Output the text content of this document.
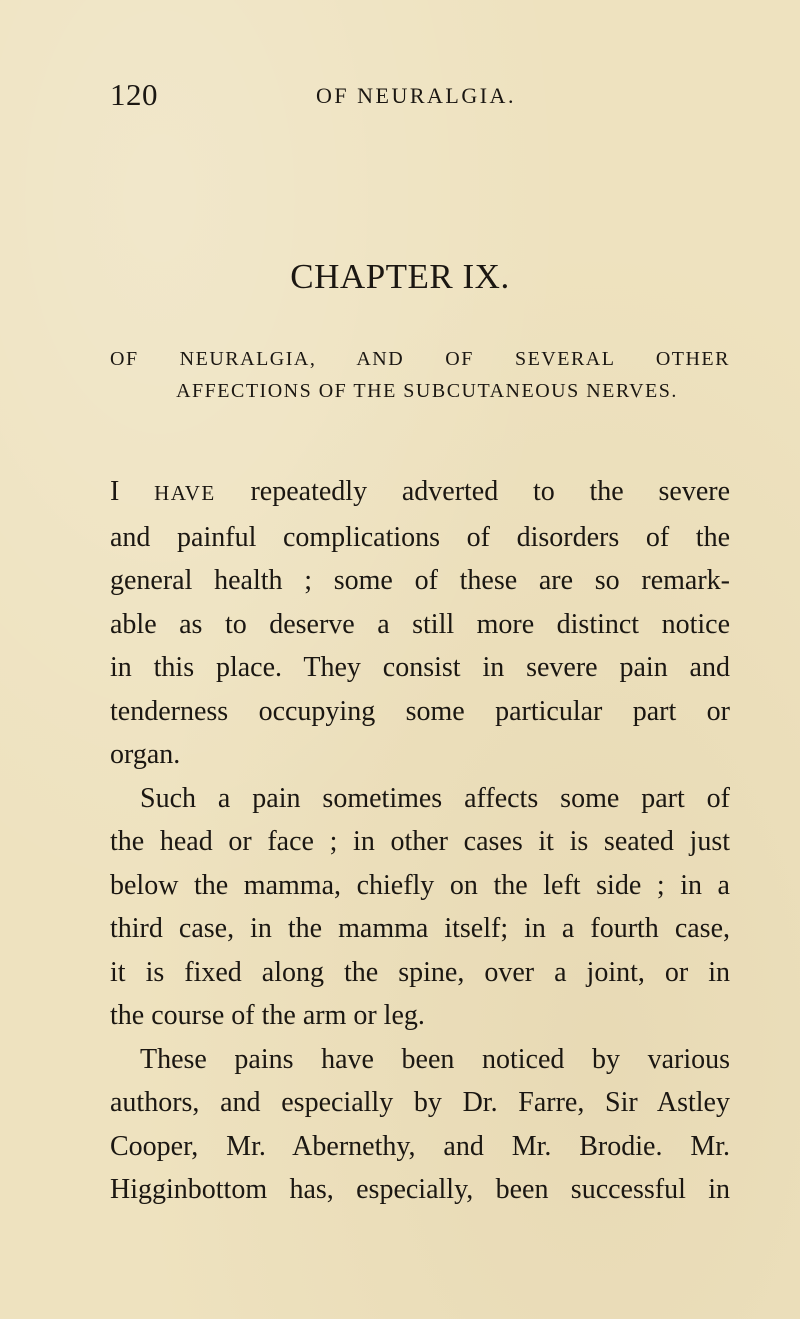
120	OF NEURALGIA.
CHAPTER IX.
OF NEURALGIA, AND OF SEVERAL OTHER
AFFECTIONS OF THE SUBCUTANEOUS NERVES.
I HAVE repeatedly adverted to the severe
and painful complications of disorders of the
general health ; some of these are so remark-
able as to deserve a still more distinct notice
in this place. They consist in severe pain and
tenderness occupying some particular part or
organ.
Such a pain sometimes affects some part of
the head or face ; in other cases it is seated just
below the mamma, chiefly on the left side ; in a
third case, in the mamma itself; in a fourth case,
it is fixed along the spine, over a joint, or in
the course of the arm or leg.
These pains have been noticed by various
authors, and especially by Dr. Farre, Sir Astley
Cooper, Mr. Abernethy, and Mr. Brodie. Mr.
Higginbottom has, especially, been successful in
